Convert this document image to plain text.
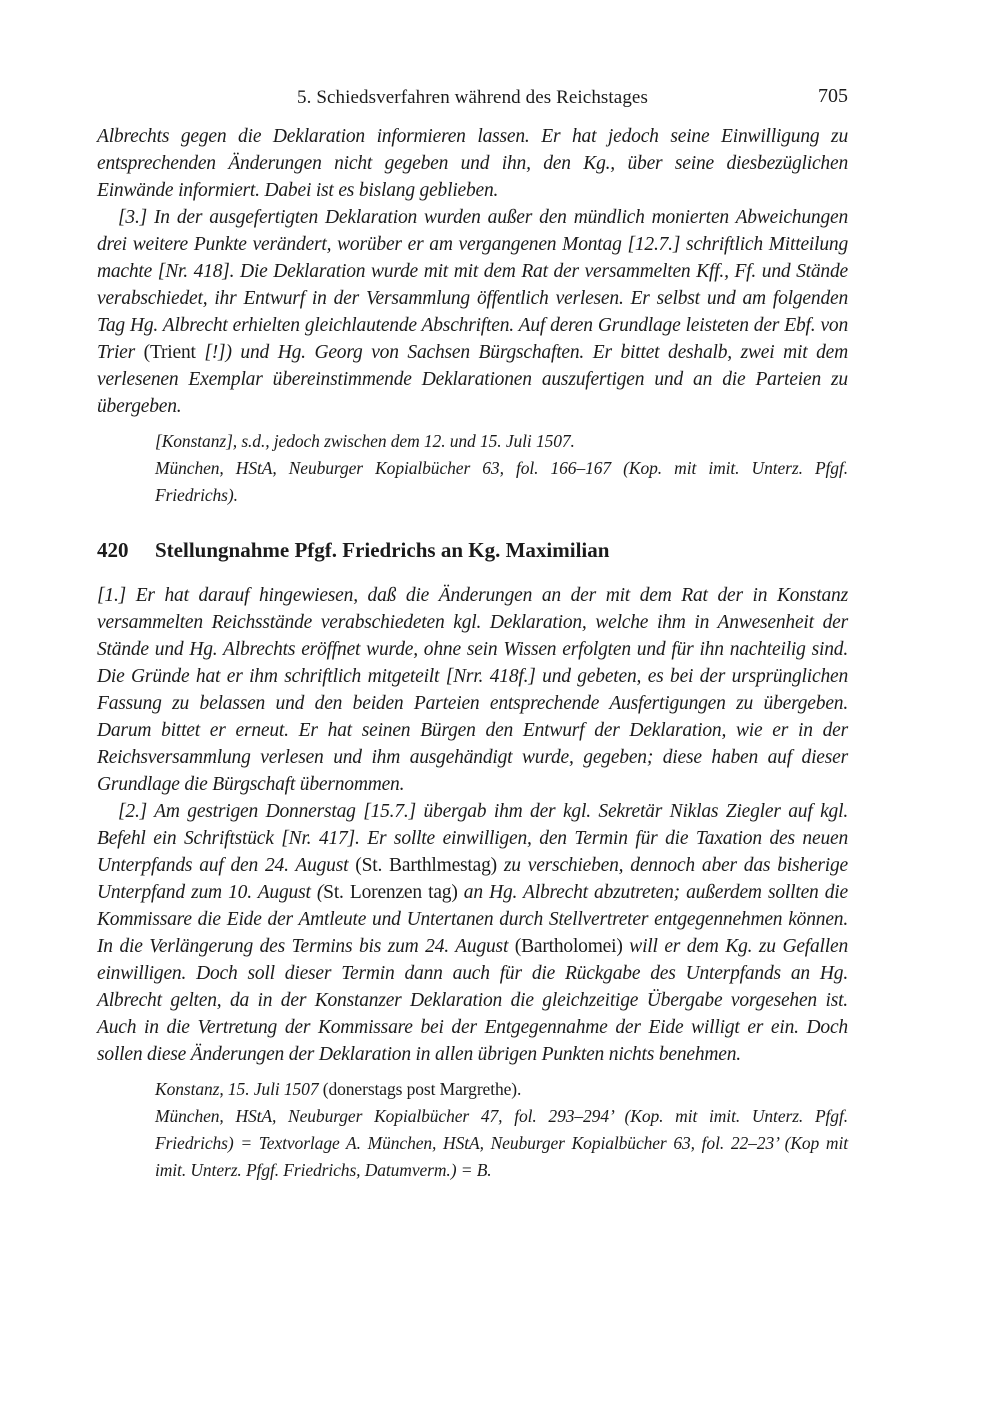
5. Schiedsverfahren während des Reichstages	705

Albrechts gegen die Deklaration informieren lassen. Er hat jedoch seine Einwilligung zu entsprechenden Änderungen nicht gegeben und ihn, den Kg., über seine diesbezüglichen Einwände informiert. Dabei ist es bislang geblieben.

[3.] In der ausgefertigten Deklaration wurden außer den mündlich monierten Abweichungen drei weitere Punkte verändert, worüber er am vergangenen Montag [12.7.] schriftlich Mitteilung machte [Nr. 418]. Die Deklaration wurde mit mit dem Rat der versammelten Kff., Ff. und Stände verabschiedet, ihr Entwurf in der Versammlung öffentlich verlesen. Er selbst und am folgenden Tag Hg. Albrecht erhielten gleichlautende Abschriften. Auf deren Grundlage leisteten der Ebf. von Trier (Trient [!]) und Hg. Georg von Sachsen Bürgschaften. Er bittet deshalb, zwei mit dem verlesenen Exemplar übereinstimmende Deklarationen auszufertigen und an die Parteien zu übergeben.

[Konstanz], s.d., jedoch zwischen dem 12. und 15. Juli 1507.

München, HStA, Neuburger Kopialbücher 63, fol. 166–167 (Kop. mit imit. Unterz. Pfgf. Friedrichs).

420	Stellungnahme Pfgf. Friedrichs an Kg. Maximilian

[1.] Er hat darauf hingewiesen, daß die Änderungen an der mit dem Rat der in Konstanz versammelten Reichsstände verabschiedeten kgl. Deklaration, welche ihm in Anwesenheit der Stände und Hg. Albrechts eröffnet wurde, ohne sein Wissen erfolgten und für ihn nachteilig sind. Die Gründe hat er ihm schriftlich mitgeteilt [Nrr. 418f.] und gebeten, es bei der ursprünglichen Fassung zu belassen und den beiden Parteien entsprechende Ausfertigungen zu übergeben. Darum bittet er erneut. Er hat seinen Bürgen den Entwurf der Deklaration, wie er in der Reichsversammlung verlesen und ihm ausgehändigt wurde, gegeben; diese haben auf dieser Grundlage die Bürgschaft übernommen.

[2.] Am gestrigen Donnerstag [15.7.] übergab ihm der kgl. Sekretär Niklas Ziegler auf kgl. Befehl ein Schriftstück [Nr. 417]. Er sollte einwilligen, den Termin für die Taxation des neuen Unterpfands auf den 24. August (St. Barthlmestag) zu verschieben, dennoch aber das bisherige Unterpfand zum 10. August (St. Lorenzen tag) an Hg. Albrecht abzutreten; außerdem sollten die Kommissare die Eide der Amtleute und Untertanen durch Stellvertreter entgegennehmen können. In die Verlängerung des Termins bis zum 24. August (Bartholomei) will er dem Kg. zu Gefallen einwilligen. Doch soll dieser Termin dann auch für die Rückgabe des Unterpfands an Hg. Albrecht gelten, da in der Konstanzer Deklaration die gleichzeitige Übergabe vorgesehen ist. Auch in die Vertretung der Kommissare bei der Entgegennahme der Eide willigt er ein. Doch sollen diese Änderungen der Deklaration in allen übrigen Punkten nichts benehmen.

Konstanz, 15. Juli 1507 (donerstags post Margrethe).

München, HStA, Neuburger Kopialbücher 47, fol. 293–294’ (Kop. mit imit. Unterz. Pfgf. Friedrichs) = Textvorlage A. München, HStA, Neuburger Kopialbücher 63, fol. 22–23’ (Kop mit imit. Unterz. Pfgf. Friedrichs, Datumverm.) = B.
